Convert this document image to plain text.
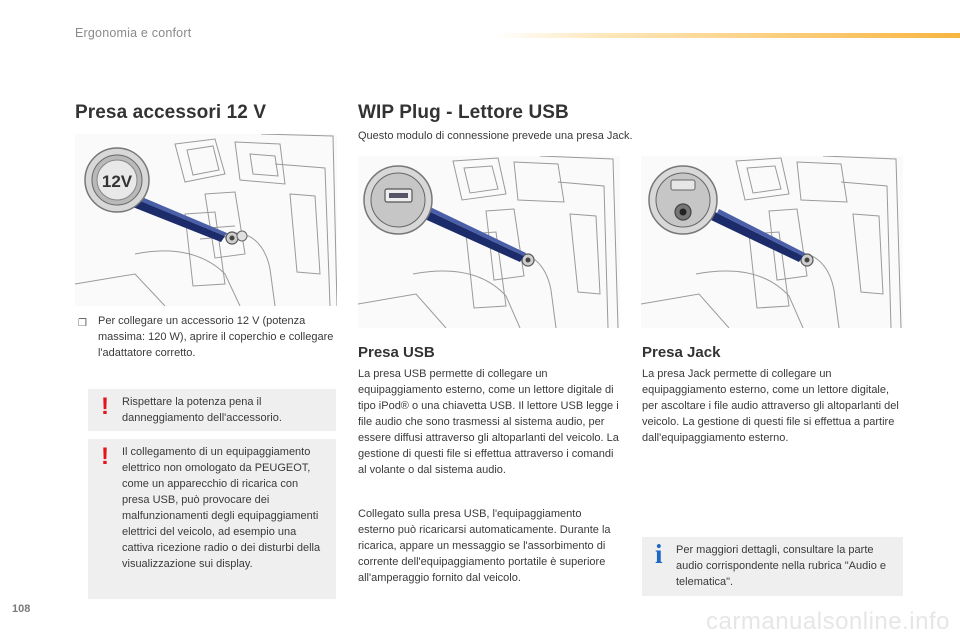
Ergonomia e confort
Presa accessori 12 V
12V
❒ Per collegare un accessorio 12 V (potenza massima: 120 W), aprire il coperchio e collegare l'adattatore corretto.

! Rispettare la potenza pena il danneggiamento dell'accessorio.
! Il collegamento di un equipaggiamento elettrico non omologato da PEUGEOT, come un apparecchio di ricarica con presa USB, può provocare dei malfunzionamenti degli equipaggiamenti elettrici del veicolo, ad esempio una cattiva ricezione radio o dei disturbi della visualizzazione sui display.
WIP Plug - Lettore USB

Questo modulo di connessione prevede una presa Jack.

Presa USB

La presa USB permette di collegare un equipaggiamento esterno, come un lettore digitale di tipo iPod® o una chiavetta USB. Il lettore USB legge i file audio che sono trasmessi al sistema audio, per essere diffusi attraverso gli altoparlanti del veicolo. La gestione di questi file si effettua attraverso i comandi al volante o dal sistema audio.

Collegato sulla presa USB, l'equipaggiamento esterno può ricaricarsi automaticamente. Durante la ricarica, appare un messaggio se l'assorbimento di corrente dell'equipaggiamento portatile è superiore all'amperaggio fornito dal veicolo.

Presa Jack

La presa Jack permette di collegare un equipaggiamento esterno, come un lettore digitale, per ascoltare i file audio attraverso gli altoparlanti del veicolo. La gestione di questi file si effettua a partire dall'equipaggiamento esterno.

i Per maggiori dettagli, consultare la parte audio corrispondente nella rubrica "Audio e telematica".
108	carmanualsonline.info
